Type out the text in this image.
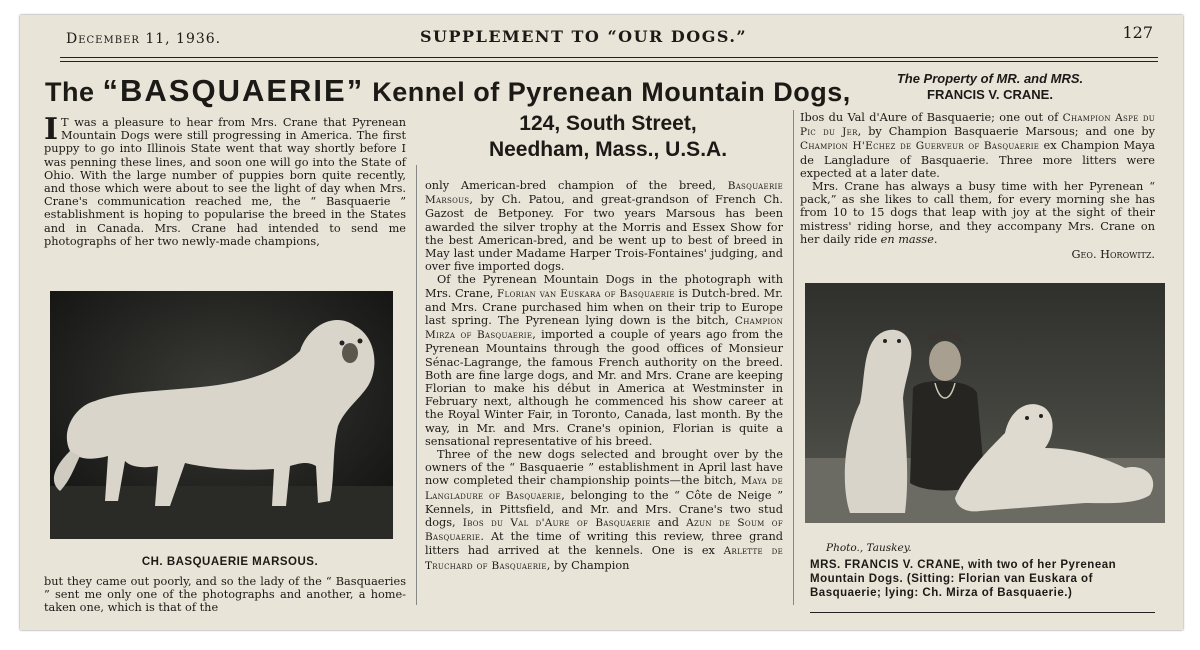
December 11, 1936.	SUPPLEMENT TO “OUR DOGS.”	127
The “BASQUAERIE” Kennel of Pyrenean Mountain Dogs,	The Property of MR. and MRS.
FRANCIS V. CRANE.
124, South Street,
Needham, Mass., U.S.A.

I T was a pleasure to hear from Mrs. Crane that Pyrenean Mountain Dogs were still progressing in America. The first puppy to go into Illinois State went that way shortly before I was penning these lines, and soon one will go into the State of Ohio. With the large number of puppies born quite recently, and those which were about to see the light of day when Mrs. Crane's communication reached me, the “ Basquaerie ” establishment is hoping to popularise the breed in the States and in Canada. Mrs. Crane had intended to send me photographs of her two newly-made champions,

CH. BASQUAERIE MARSOUS.

but they came out poorly, and so the lady of the “ Basquaeries ” sent me only one of the photographs and another, a home-taken one, which is that of the

only American-bred champion of the breed, Basquaerie Marsous, by Ch. Patou, and great-grandson of French Ch. Gazost de Betponey. For two years Marsous has been awarded the silver trophy at the Morris and Essex Show for the best American-bred, and be went up to best of breed in May last under Madame Harper Trois-Fontaines' judging, and over five imported dogs.

Of the Pyrenean Mountain Dogs in the photograph with Mrs. Crane, Florian van Euskara of Basquaerie is Dutch-bred. Mr. and Mrs. Crane purchased him when on their trip to Europe last spring. The Pyrenean lying down is the bitch, Champion Mirza of Basquaerie, imported a couple of years ago from the Pyrenean Mountains through the good offices of Monsieur Sénac-Lagrange, the famous French authority on the breed. Both are fine large dogs, and Mr. and Mrs. Crane are keeping Florian to make his début in America at Westminster in February next, although he commenced his show career at the Royal Winter Fair, in Toronto, Canada, last month. By the way, in Mr. and Mrs. Crane's opinion, Florian is quite a sensational representative of his breed.

Three of the new dogs selected and brought over by the owners of the “ Basquaerie ” establishment in April last have now completed their championship points—the bitch, Maya de Langladure of Basquaerie, belonging to the “ Côte de Neige ” Kennels, in Pittsfield, and Mr. and Mrs. Crane's two stud dogs, Ibos du Val d'Aure of Basquaerie and Azun de Soum of Basquaerie. At the time of writing this review, three grand litters had arrived at the kennels. One is ex Arlette de Truchard of Basquaerie, by Champion

Ibos du Val d'Aure of Basquaerie; one out of Champion Aspe du Pic du Jer, by Champion Basquaerie Marsous; and one by Champion H'Echez de Guerveur of Basquaerie ex Champion Maya de Langladure of Basquaerie. Three more litters were expected at a later date.

Mrs. Crane has always a busy time with her Pyrenean “ pack,” as she likes to call them, for every morning she has from 10 to 15 dogs that leap with joy at the sight of their mistress' riding horse, and they accompany Mrs. Crane on her daily ride en masse.

Geo. Horowitz.

Photo., Tauskey.
MRS. FRANCIS V. CRANE, with two of her Pyrenean Mountain Dogs. (Sitting: Florian van Euskara of Basquaerie; lying: Ch. Mirza of Basquaerie.)
